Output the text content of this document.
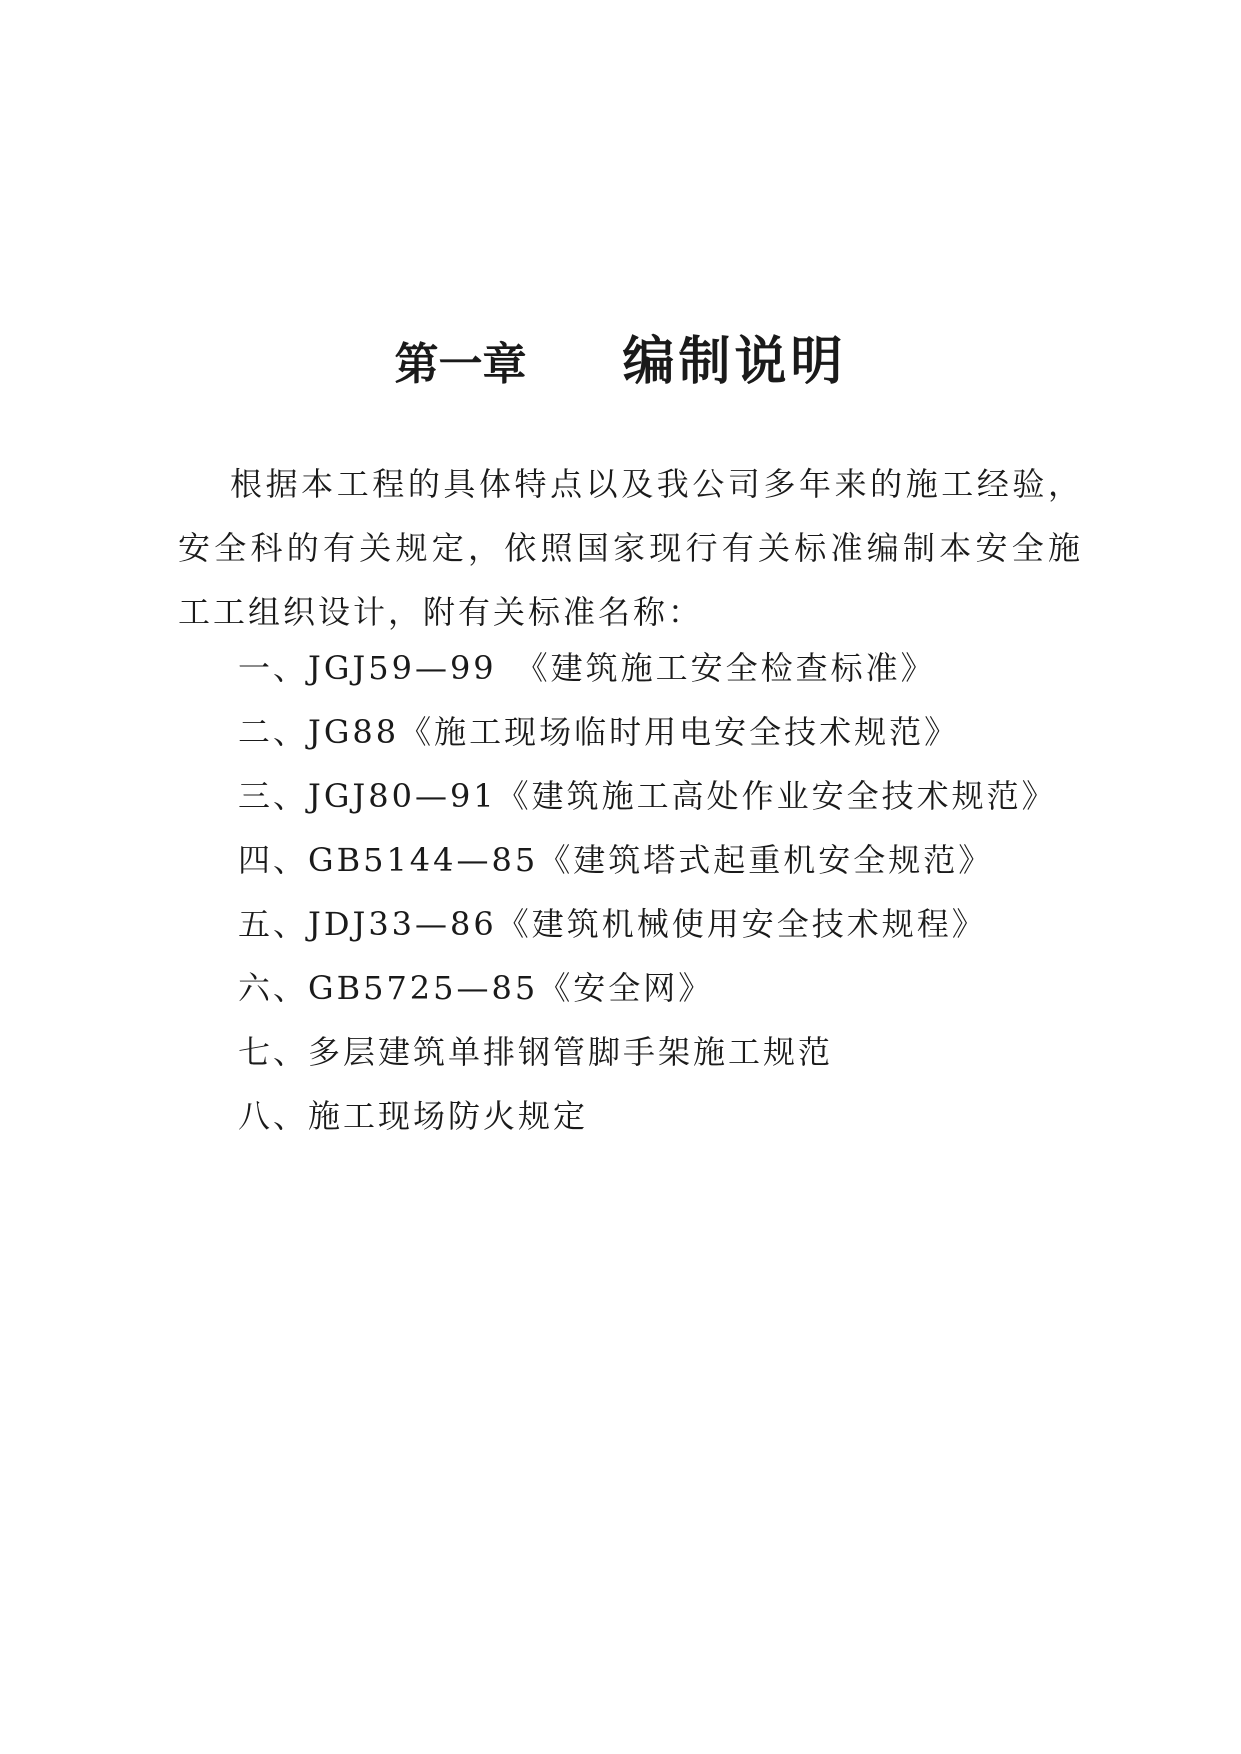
第一章 编制说明

根据本工程的具体特点以及我公司多年来的施工经验，安全科的有关规定，依照国家现行有关标准编制本安全施工工组织设计，附有关标准名称：

一、JGJ59—99　《建筑施工安全检查标准》
二、JG88《施工现场临时用电安全技术规范》
三、JGJ80—91《建筑施工高处作业安全技术规范》
四、GB5144—85《建筑塔式起重机安全规范》
五、JDJ33—86《建筑机械使用安全技术规程》
六、GB5725—85《安全网》
七、多层建筑单排钢管脚手架施工规范
八、施工现场防火规定
